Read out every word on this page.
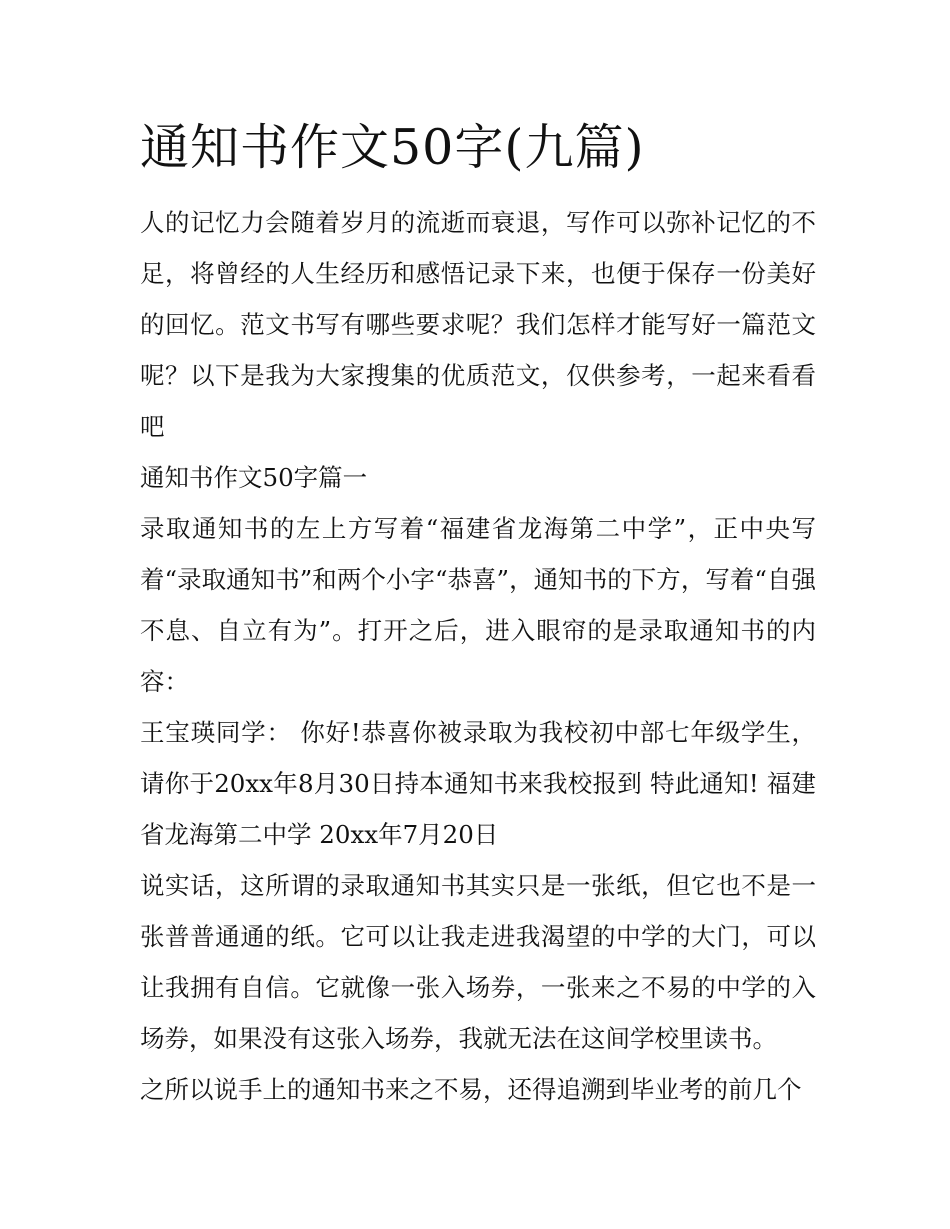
通知书作文50字(九篇)

人的记忆力会随着岁月的流逝而衰退，写作可以弥补记忆的不足，将曾经的人生经历和感悟记录下来，也便于保存一份美好的回忆。范文书写有哪些要求呢？我们怎样才能写好一篇范文呢？以下是我为大家搜集的优质范文，仅供参考，一起来看看吧

通知书作文50字篇一

录取通知书的左上方写着“福建省龙海第二中学”，正中央写着“录取通知书”和两个小字“恭喜”，通知书的下方，写着“自强不息、自立有为”。打开之后，进入眼帘的是录取通知书的内容：

王宝瑛同学： 你好!恭喜你被录取为我校初中部七年级学生，请你于20xx年8月30日持本通知书来我校报到 特此通知! 福建省龙海第二中学 20xx年7月20日

说实话，这所谓的录取通知书其实只是一张纸，但它也不是一张普普通通的纸。它可以让我走进我渴望的中学的大门，可以让我拥有自信。它就像一张入场券，一张来之不易的中学的入场券，如果没有这张入场券，我就无法在这间学校里读书。

之所以说手上的通知书来之不易，还得追溯到毕业考的前几个
